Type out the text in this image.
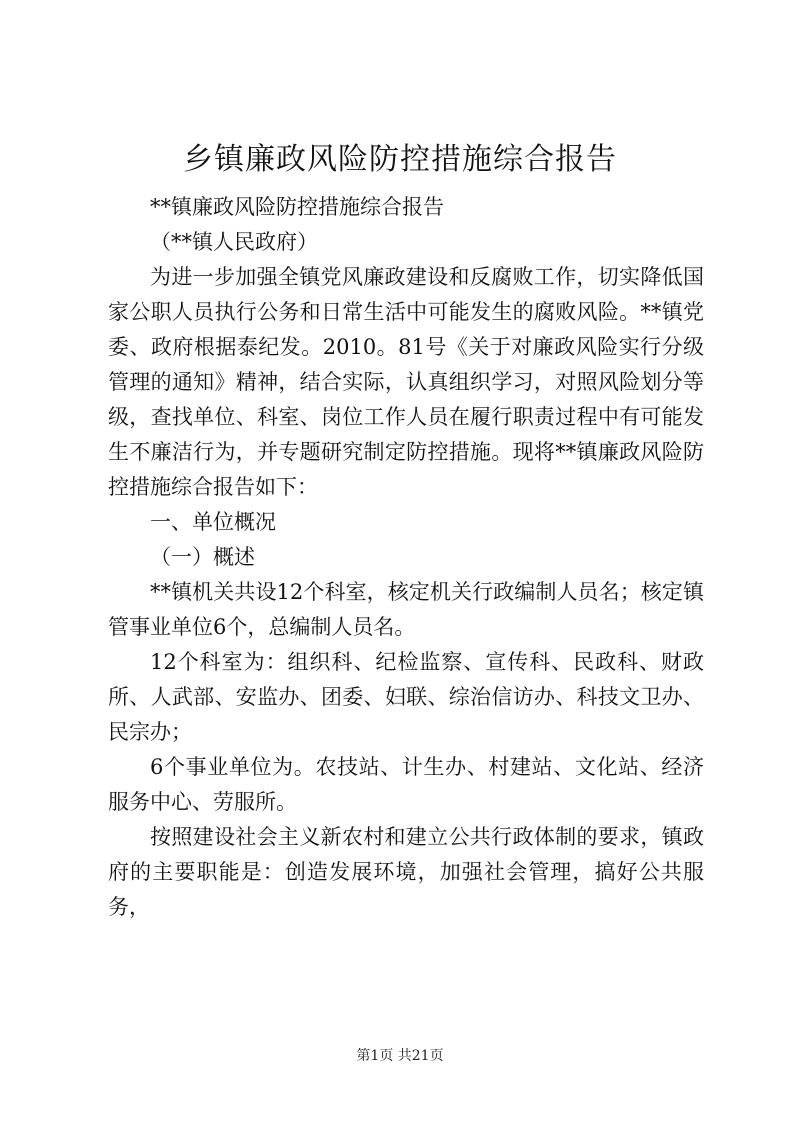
乡镇廉政风险防控措施综合报告

**镇廉政风险防控措施综合报告

（**镇人民政府）

为进一步加强全镇党风廉政建设和反腐败工作，切实降低国家公职人员执行公务和日常生活中可能发生的腐败风险。**镇党委、政府根据泰纪发。2010。81号《关于对廉政风险实行分级管理的通知》精神，结合实际，认真组织学习，对照风险划分等级，查找单位、科室、岗位工作人员在履行职责过程中有可能发生不廉洁行为，并专题研究制定防控措施。现将**镇廉政风险防控措施综合报告如下：

一、单位概况

（一）概述

**镇机关共设12个科室，核定机关行政编制人员名；核定镇管事业单位6个，总编制人员名。

12个科室为：组织科、纪检监察、宣传科、民政科、财政所、人武部、安监办、团委、妇联、综治信访办、科技文卫办、民宗办；

6个事业单位为。农技站、计生办、村建站、文化站、经济服务中心、劳服所。

按照建设社会主义新农村和建立公共行政体制的要求，镇政府的主要职能是：创造发展环境，加强社会管理，搞好公共服务，

第1页 共21页
